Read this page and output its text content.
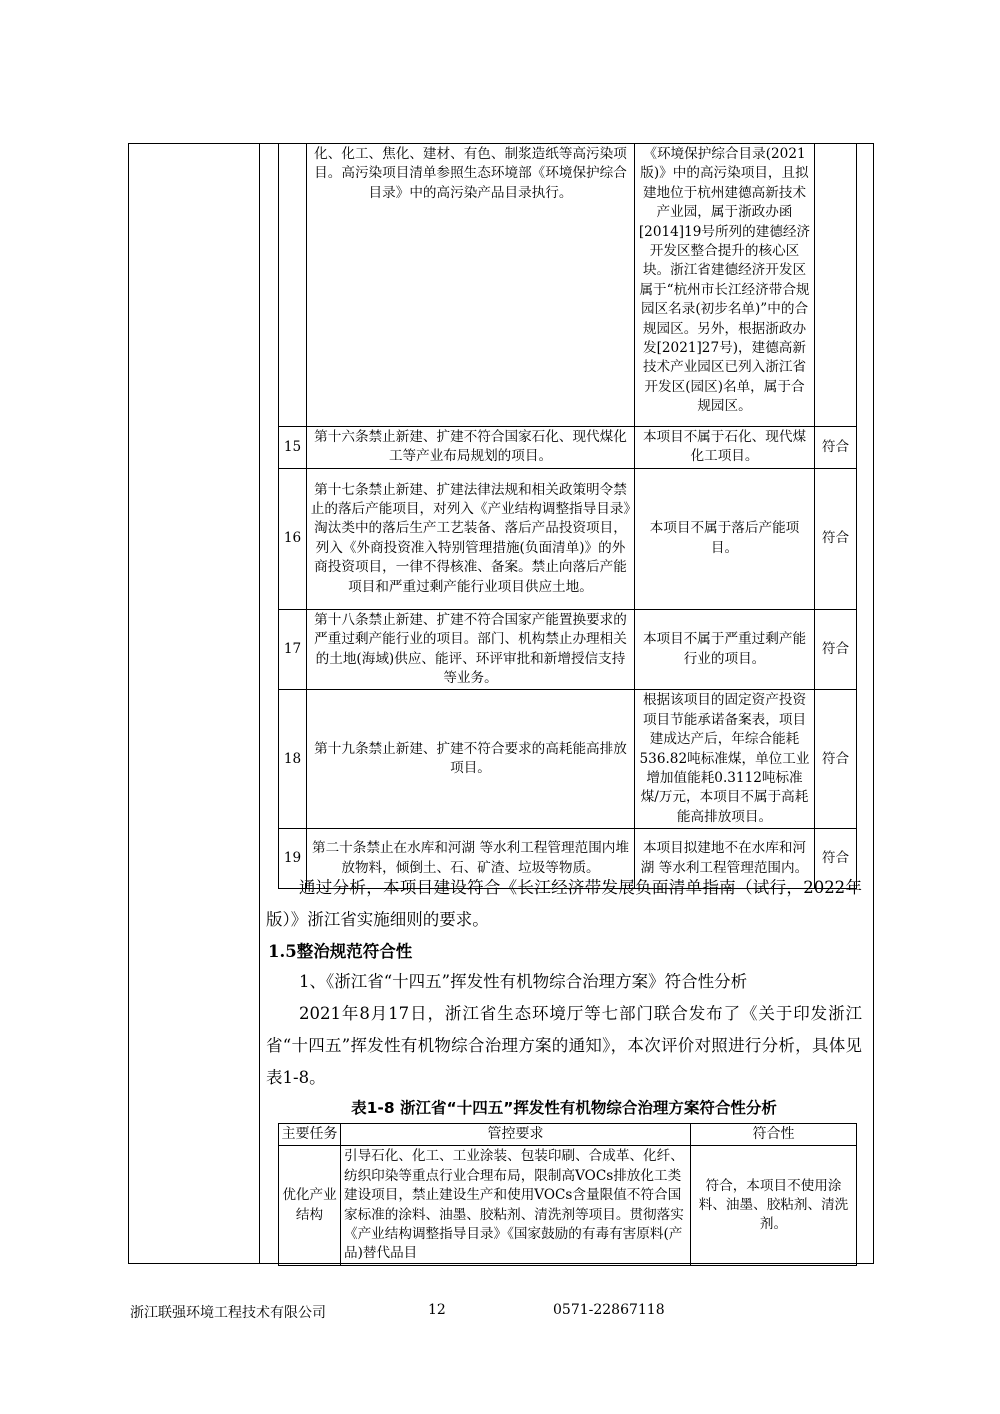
	化、化工、焦化、建材、有色、制浆造纸等高污染项目。高污染项目清单参照生态环境部《环境保护综合目录》中的高污染产品目录执行。	《环境保护综合目录(2021版)》中的高污染项目，且拟建地位于杭州建德高新技术产业园，属于浙政办函[2014]19号所列的建德经济开发区整合提升的核心区块。浙江省建德经济开发区属于“杭州市长江经济带合规园区名录(初步名单)”中的合规园区。另外，根据浙政办发[2021]27号)，建德高新技术产业园区已列入浙江省开发区(园区)名单，属于合规园区。	
15	第十六条禁止新建、扩建不符合国家石化、现代煤化工等产业布局规划的项目。	本项目不属于石化、现代煤化工项目。	符合
16	第十七条禁止新建、扩建法律法规和相关政策明令禁止的落后产能项目，对列入《产业结构调整指导目录》淘汰类中的落后生产工艺装备、落后产品投资项目，列入《外商投资准入特别管理措施(负面清单)》的外商投资项目，一律不得核准、备案。禁止向落后产能项目和严重过剩产能行业项目供应土地。	本项目不属于落后产能项目。	符合
17	第十八条禁止新建、扩建不符合国家产能置换要求的严重过剩产能行业的项目。部门、机构禁止办理相关的土地(海域)供应、能评、环评审批和新增授信支持等业务。	本项目不属于严重过剩产能行业的项目。	符合
18	第十九条禁止新建、扩建不符合要求的高耗能高排放项目。	根据该项目的固定资产投资项目节能承诺备案表，项目建成达产后，年综合能耗536.82吨标准煤，单位工业增加值能耗0.3112吨标准煤/万元，本项目不属于高耗能高排放项目。	符合
19	第二十条禁止在水库和河湖 等水利工程管理范围内堆放物料，倾倒土、石、矿渣、垃圾等物质。	本项目拟建地不在水库和河湖 等水利工程管理范围内。	符合
通过分析，本项目建设符合《长江经济带发展负面清单指南（试行，2022年版）》浙江省实施细则的要求。
1.5整治规范符合性
1、《浙江省“十四五”挥发性有机物综合治理方案》符合性分析
2021年8月17日，浙江省生态环境厅等七部门联合发布了《关于印发浙江省“十四五”挥发性有机物综合治理方案的通知》，本次评价对照进行分析，具体见表1-8。
表1-8 浙江省“十四五”挥发性有机物综合治理方案符合性分析
主要任务	管控要求	符合性
优化产业结构	引导石化、化工、工业涂装、包装印刷、合成革、化纤、纺织印染等重点行业合理布局，限制高VOCs排放化工类建设项目，禁止建设生产和使用VOCs含量限值不符合国家标准的涂料、油墨、胶粘剂、清洗剂等项目。贯彻落实《产业结构调整指导目录》《国家鼓励的有毒有害原料(产品)替代品目	符合，本项目不使用涂料、油墨、胶粘剂、清洗剂。
浙江联强环境工程技术有限公司	12	0571-22867118
